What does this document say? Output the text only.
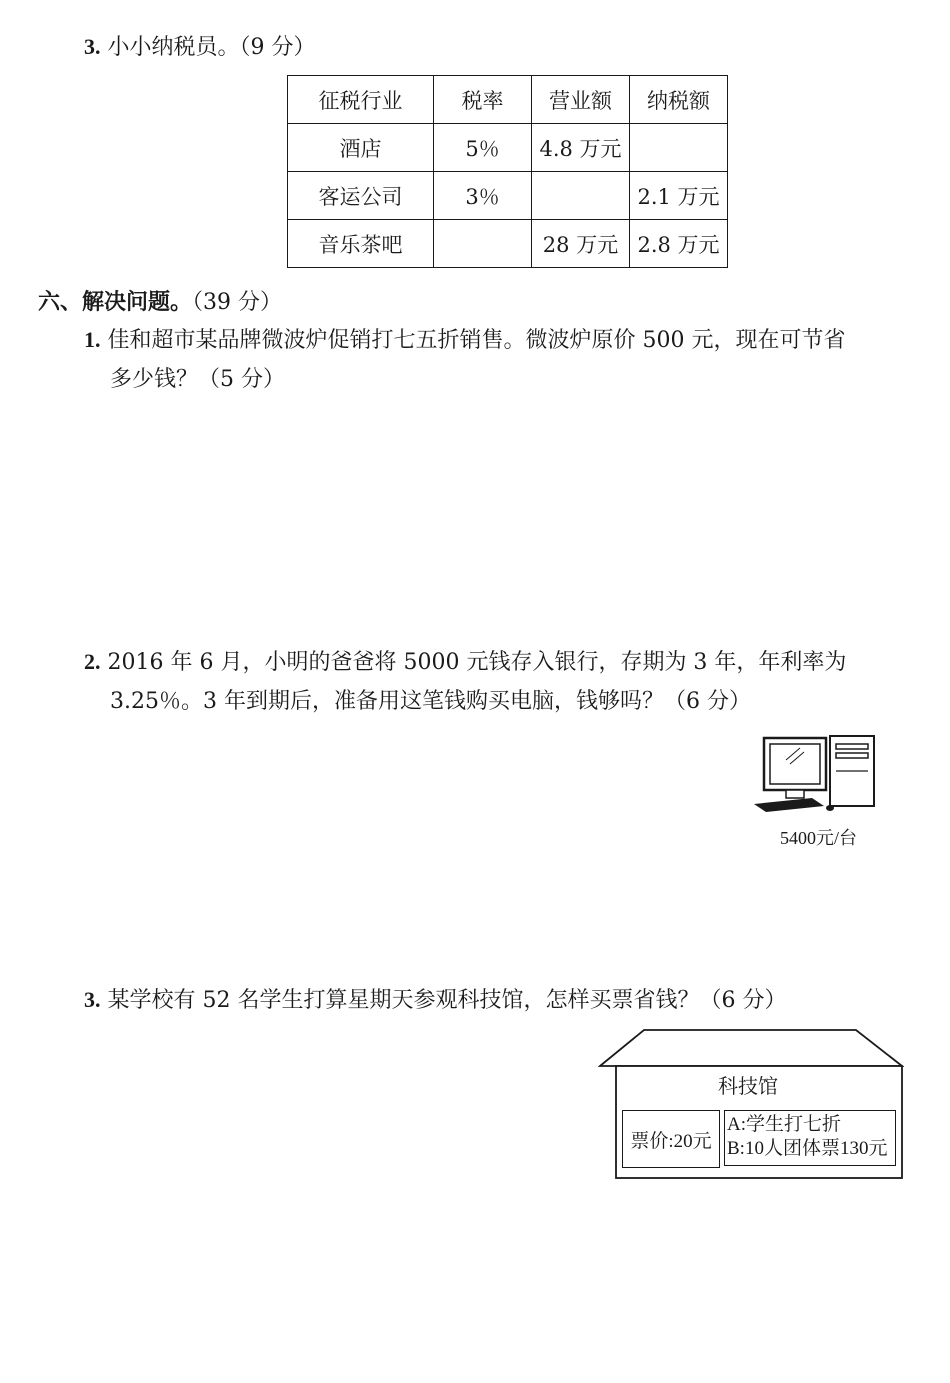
3. 小小纳税员。（9 分）
征税行业	税率	营业额	纳税额
酒店	5％	4.8 万元	
客运公司	3％		2.1 万元
音乐茶吧		28 万元	2.8 万元
六、解决问题。（39 分）
1. 佳和超市某品牌微波炉促销打七五折销售。微波炉原价 500 元，现在可节省
多少钱？（5 分）
2. 2016 年 6 月，小明的爸爸将 5000 元钱存入银行，存期为 3 年，年利率为
3.25％。3 年到期后，准备用这笔钱购买电脑，钱够吗？（6 分）
5400元/台
3. 某学校有 52 名学生打算星期天参观科技馆，怎样买票省钱？（6 分）
科技馆
票价:20元
A:学生打七折
B:10人团体票130元
